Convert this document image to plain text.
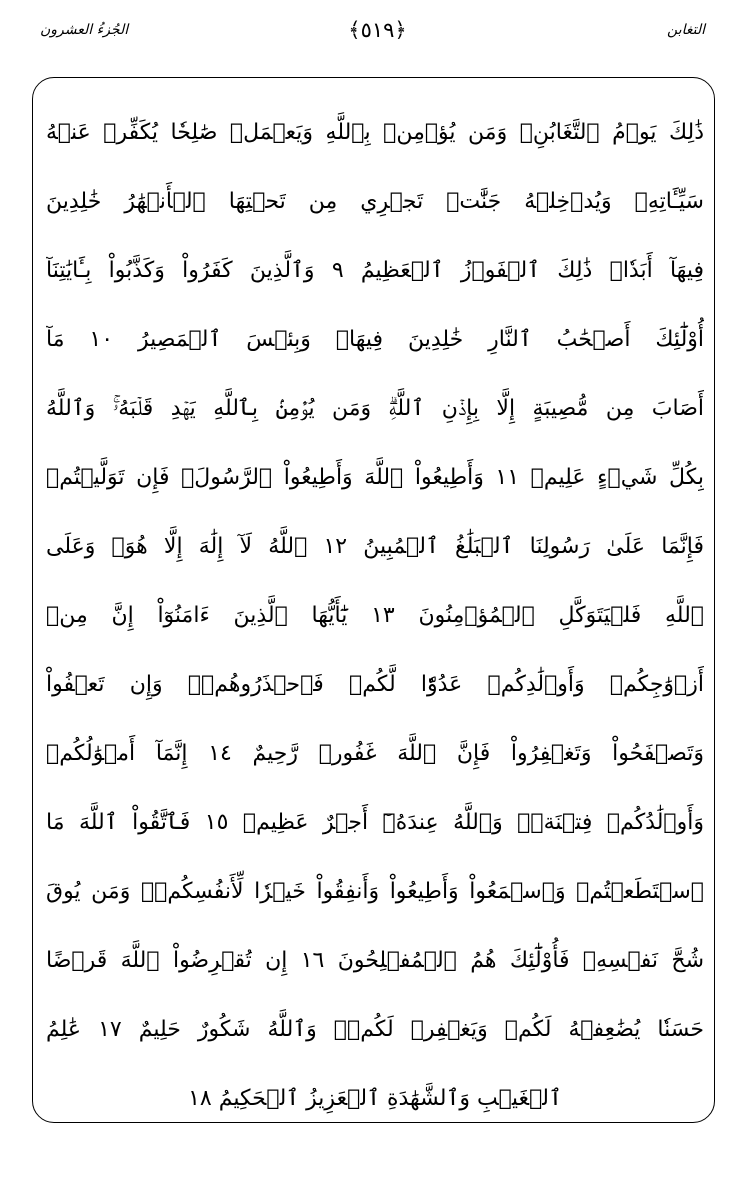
الجُزءُ العشرون	﴿٥١٩﴾	التغابن
ذَٰلِكَ يَوۡمُ ٱلتَّغَابُنِۗ وَمَن يُؤۡمِنۢ بِٱللَّهِ وَيَعۡمَلۡ صَٰلِحٗا يُكَفِّرۡ عَنۡهُ
سَيِّـَٔاتِهِۦ وَيُدۡخِلۡهُ جَنَّٰتٖ تَجۡرِي مِن تَحۡتِهَا ٱلۡأَنۡهَٰرُ خَٰلِدِينَ
فِيهَآ أَبَدٗاۚ ذَٰلِكَ ٱلۡفَوۡزُ ٱلۡعَظِيمُ ٩ وَٱلَّذِينَ كَفَرُواْ وَكَذَّبُواْ بِـَٔايَٰتِنَآ
أُوْلَٰٓئِكَ أَصۡحَٰبُ ٱلنَّارِ خَٰلِدِينَ فِيهَاۖ وَبِئۡسَ ٱلۡمَصِيرُ ١٠ مَآ
أَصَابَ مِن مُّصِيبَةٍ إِلَّا بِإِذۡنِ ٱللَّهِۗ وَمَن يُؤۡمِنۢ بِٱللَّهِ يَهۡدِ قَلۡبَهُۥۚ وَٱللَّهُ
بِكُلِّ شَيۡءٍ عَلِيمٞ ١١ وَأَطِيعُواْ ٱللَّهَ وَأَطِيعُواْ ٱلرَّسُولَۚ فَإِن تَوَلَّيۡتُمۡ
فَإِنَّمَا عَلَىٰ رَسُولِنَا ٱلۡبَلَٰغُ ٱلۡمُبِينُ ١٢ ٱللَّهُ لَآ إِلَٰهَ إِلَّا هُوَۚ وَعَلَى
ٱللَّهِ فَلۡيَتَوَكَّلِ ٱلۡمُؤۡمِنُونَ ١٣ يَٰٓأَيُّهَا ٱلَّذِينَ ءَامَنُوٓاْ إِنَّ مِنۡ
أَزۡوَٰجِكُمۡ وَأَوۡلَٰدِكُمۡ عَدُوّٗا لَّكُمۡ فَٱحۡذَرُوهُمۡۚ وَإِن تَعۡفُواْ
وَتَصۡفَحُواْ وَتَغۡفِرُواْ فَإِنَّ ٱللَّهَ غَفُورٞ رَّحِيمٌ ١٤ إِنَّمَآ أَمۡوَٰلُكُمۡ
وَأَوۡلَٰدُكُمۡ فِتۡنَةٞۚ وَٱللَّهُ عِندَهُۥٓ أَجۡرٌ عَظِيمٞ ١٥ فَٱتَّقُواْ ٱللَّهَ مَا
ٱسۡتَطَعۡتُمۡ وَٱسۡمَعُواْ وَأَطِيعُواْ وَأَنفِقُواْ خَيۡرٗا لِّأَنفُسِكُمۡۗ وَمَن يُوقَ
شُحَّ نَفۡسِهِۦ فَأُوْلَٰٓئِكَ هُمُ ٱلۡمُفۡلِحُونَ ١٦ إِن تُقۡرِضُواْ ٱللَّهَ قَرۡضًا
حَسَنٗا يُضَٰعِفۡهُ لَكُمۡ وَيَغۡفِرۡ لَكُمۡۚ وَٱللَّهُ شَكُورٌ حَلِيمٌ ١٧ عَٰلِمُ
ٱلۡغَيۡبِ وَٱلشَّهَٰدَةِ ٱلۡعَزِيزُ ٱلۡحَكِيمُ ١٨
